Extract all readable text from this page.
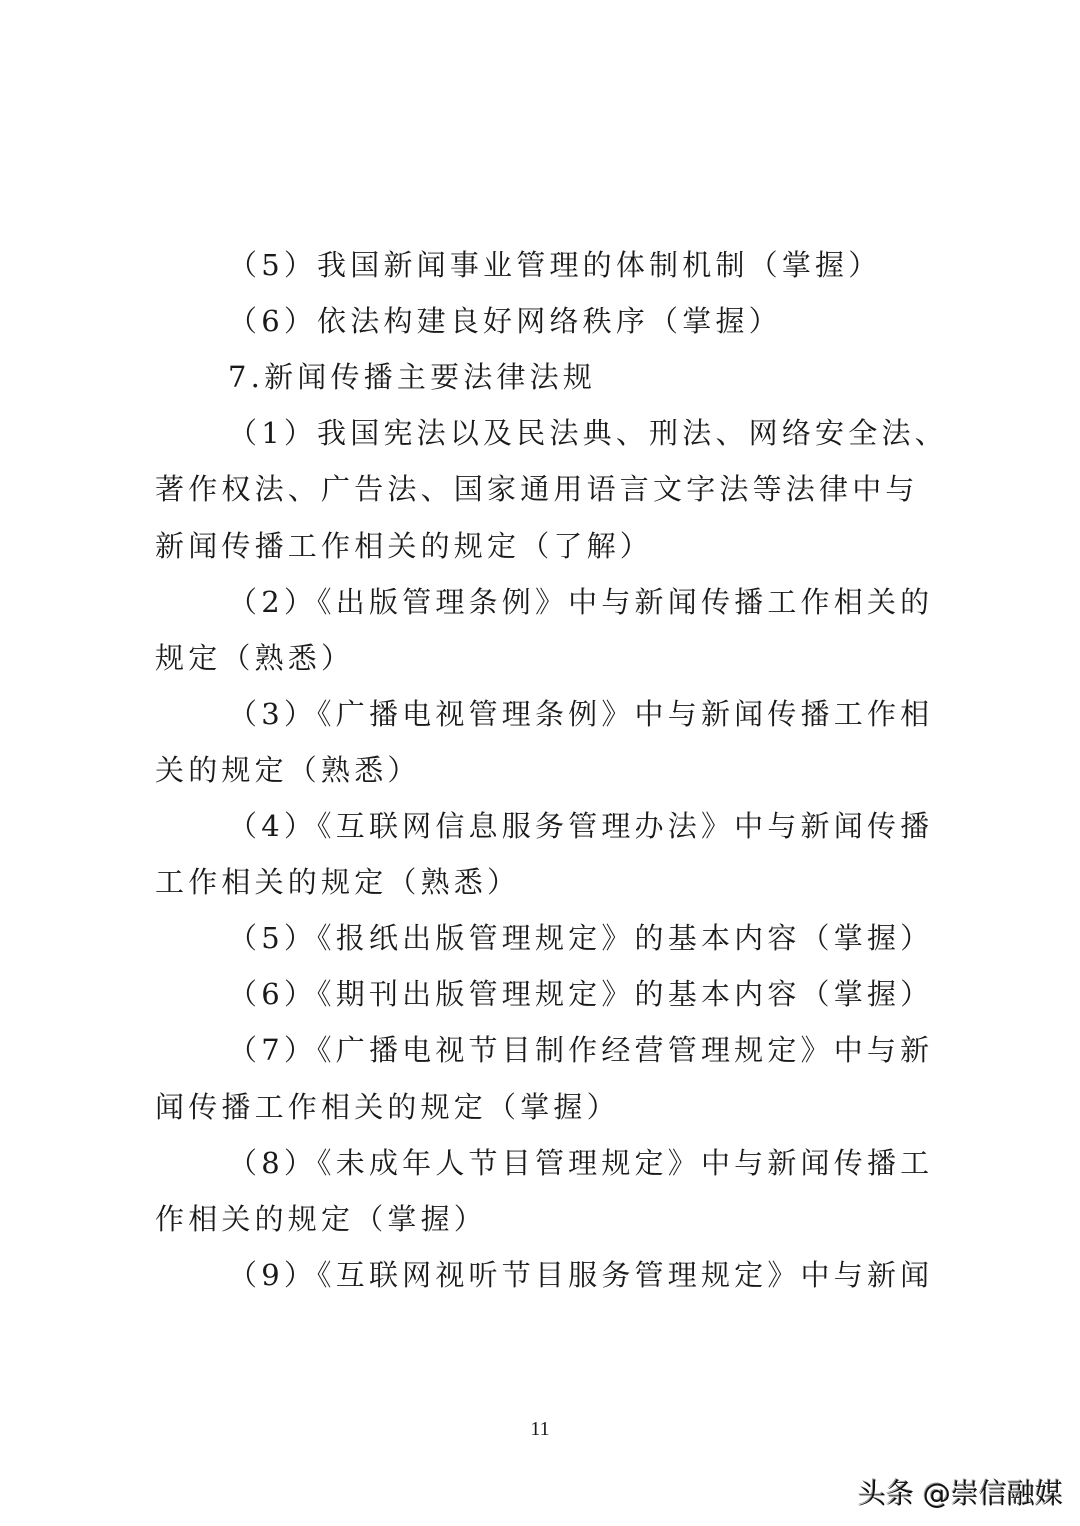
（5）我国新闻事业管理的体制机制（掌握）
（6）依法构建良好网络秩序（掌握）
7.新闻传播主要法律法规
（1）我国宪法以及民法典、刑法、网络安全法、
著作权法、广告法、国家通用语言文字法等法律中与
新闻传播工作相关的规定（了解）
（2）《出版管理条例》中与新闻传播工作相关的
规定（熟悉）
（3）《广播电视管理条例》中与新闻传播工作相
关的规定（熟悉）
（4）《互联网信息服务管理办法》中与新闻传播
工作相关的规定（熟悉）
（5）《报纸出版管理规定》的基本内容（掌握）
（6）《期刊出版管理规定》的基本内容（掌握）
（7）《广播电视节目制作经营管理规定》中与新
闻传播工作相关的规定（掌握）
（8）《未成年人节目管理规定》中与新闻传播工
作相关的规定（掌握）
（9）《互联网视听节目服务管理规定》中与新闻
11
头条 @崇信融媒
